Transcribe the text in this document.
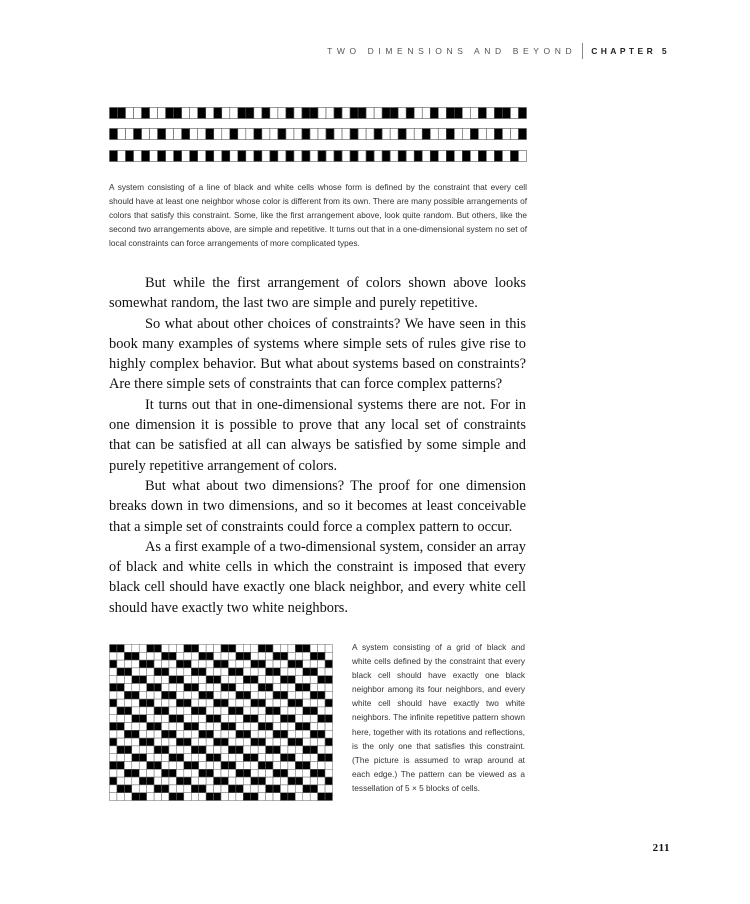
TWO DIMENSIONS AND BEYOND CHAPTER 5
A system consisting of a line of black and white cells whose form is defined by the constraint that every cell should have at least one neighbor whose color is different from its own. There are many possible arrangements of colors that satisfy this constraint. Some, like the first arrangement above, look quite random. But others, like the second two arrangements above, are simple and repetitive. It turns out that in a one-dimensional system no set of local constraints can force arrangements of more complicated types.

But while the first arrangement of colors shown above looks somewhat random, the last two are simple and purely repetitive.

So what about other choices of constraints? We have seen in this book many examples of systems where simple sets of rules give rise to highly complex behavior. But what about systems based on constraints? Are there simple sets of constraints that can force complex patterns?

It turns out that in one-dimensional systems there are not. For in one dimension it is possible to prove that any local set of constraints that can be satisfied at all can always be satisfied by some simple and purely repetitive arrangement of colors.

But what about two dimensions? The proof for one dimension breaks down in two dimensions, and so it becomes at least conceivable that a simple set of constraints could force a complex pattern to occur.

As a first example of a two-dimensional system, consider an array of black and white cells in which the constraint is imposed that every black cell should have exactly one black neighbor, and every white cell should have exactly two white neighbors.

A system consisting of a grid of black and white cells defined by the constraint that every black cell should have exactly one black neighbor among its four neighbors, and every white cell should have exactly two white neighbors. The infinite repetitive pattern shown here, together with its rotations and reflections, is the only one that satisfies this constraint. (The picture is assumed to wrap around at each edge.) The pattern can be viewed as a tessellation of 5 × 5 blocks of cells.
211
